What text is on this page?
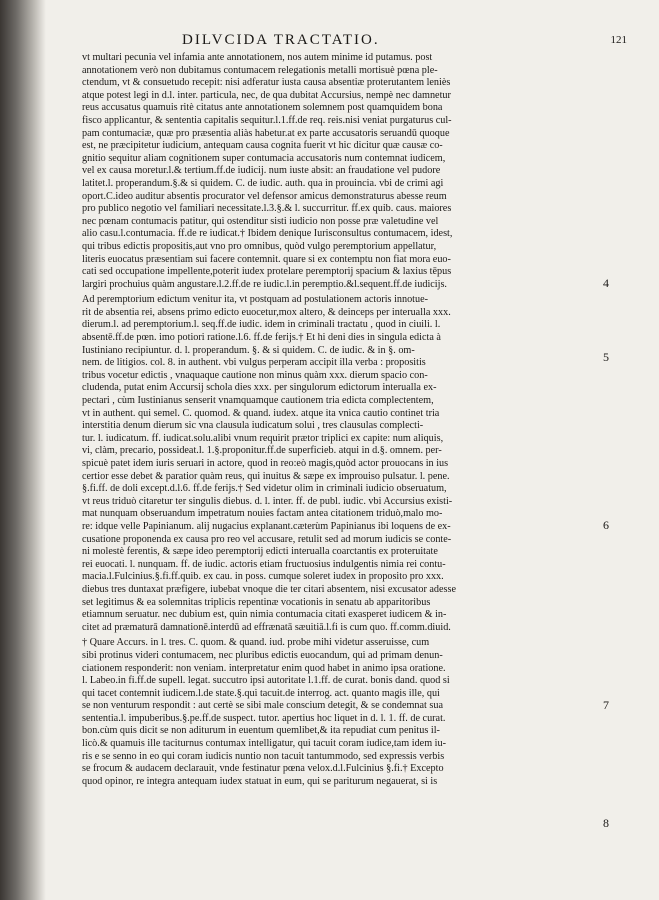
DILVCIDA TRACTATIO.	121

vt multari pecunia vel infamia ante annotationem, nos autem minime id putamus. post
annotationem verò non dubitamus contumacem relegationis metalli mortisuè pœna ple-
ctendum, vt & consuetudo recepit: nisi adferatur iusta causa absentiæ proterutantem leniès
atque potest legi in d.l. inter. particula, nec, de qua dubitat Accursius, nempè nec damnetur
reus accusatus quamuis ritè citatus ante annotationem solemnem post quamquidem bona
fisco applicantur, & sententia capitalis sequitur.l.1.ff.de req. reis.nisi veniat purgaturus cul-
pam contumaciæ, quæ pro præsentia aliàs habetur.at ex parte accusatoris seruandū quoque
est, ne præcipitetur iudicium, antequam causa cognita fuerit vt hic dicitur quæ causæ co-
gnitio sequitur aliam cognitionem super contumacia accusatoris num contemnat iudicem,
vel ex causa moretur.l.& tertium.ff.de iudicij. num iuste absit: an fraudatione vel pudore
latitet.l. properandum.§.& si quidem. C. de iudic. auth. qua in prouincia. vbi de crimi agi
oport.C.ideo auditur absentis procurator vel defensor amicus demonstraturus abesse reum
pro publico negotio vel familiari necessitate.l.3.§.& l. succurritur. ff.ex quib. caus. maiores
nec pœnam contumacis patitur, qui ostenditur sisti iudicio non posse præ valetudine vel
alio casu.l.contumacia. ff.de re iudicat.† Ibidem denique Iurisconsultus contumacem, idest,
qui tribus edictis propositis,aut vno pro omnibus, quòd vulgo peremptorium appellatur,
literis euocatus præsentiam sui facere contemnit. quare si ex contemptu non fiat mora euo-
cati sed occupatione impellente,poterit iudex protelare peremptorij spacium & laxius tēpus
largiri prochuius quàm angustare.l.2.ff.de re iudic.l.in peremptio.&l.sequent.ff.de iudicijs.

Ad peremptorium edictum venitur ita, vt postquam ad postulationem actoris innotue-
rit de absentia rei, absens primo edicto euocetur,mox altero, & deinceps per interualla xxx.
dierum.l. ad peremptorium.l. seq.ff.de iudic. idem in criminali tractatu , quod in ciuili. l.
absentē.ff.de pœn. imo potiori ratione.l.6. ff.de ferijs.† Et hi deni dies in singula edicta à
Iustiniano recipiuntur. d. l. properandum. §. & si quidem. C. de iudic. & in §. om-
nem. de litigios. col. 8. in authent. vbi vulgus perperam accipit illa verba : propositis
tribus vocetur edictis , vnaquaque cautione non minus quàm xxx. dierum spacio con-
cludenda, putat enim Accursij schola dies xxx. per singulorum edictorum interualla ex-
pectari , cùm Iustinianus senserit vnamquamque cautionem tria edicta complectentem,
vt in authent. qui semel. C. quomod. & quand. iudex. atque ita vnica cautio continet tria
interstitia denum dierum sic vna clausula iudicatum solui , tres clausulas complecti-
tur. l. iudicatum. ff. iudicat.solu.alibi vnum requirit prætor triplici ex capite: num aliquis,
vi, clàm, precario, possideat.l. 1.§.proponitur.ff.de superficieb. atqui in d.§. omnem. per-
spicuè patet idem iuris seruari in actore, quod in reo:eò magis,quòd actor prouocans in ius
certior esse debet & paratior quàm reus, qui inuitus & sæpe ex improuiso pulsatur. l. pene.
§.fi.ff. de doli except.d.l.6. ff.de ferijs.† Sed videtur olim in criminali iudicio obseruatum,
vt reus triduò citaretur ter singulis diebus. d. l. inter. ff. de publ. iudic. vbi Accursius existi-
mat nunquam obseruandum impetratum nouies factam antea citationem triduò,malo mo-
re: idque velle Papinianum. alij nugacius explanant.cæterùm Papinianus ibi loquens de ex-
cusatione proponenda ex causa pro reo vel accusare, retulit sed ad morum iudicis se conte-
ni molestè ferentis, & sæpe ideo peremptorij edicti interualla coarctantis ex proteruitate
rei euocati. l. nunquam. ff. de iudic. actoris etiam fructuosius indulgentis nimia rei contu-
macia.l.Fulcinius.§.fi.ff.quib. ex cau. in poss. cumque soleret iudex in proposito pro xxx.
diebus tres duntaxat præfigere, iubebat vnoque die ter citari absentem, nisi excusator adesse
set legitimus & ea solemnitas triplicis repentinæ vocationis in senatu ab apparitoribus
etiamnum seruatur. nec dubium est, quin nimia contumacia citati exasperet iudicem & in-
citet ad præmaturā damnationē.interdū ad effrænatā sæuitiā.l.fi is cum quo. ff.comm.diuid.

† Quare Accurs. in l. tres. C. quom. & quand. iud. probe mihi videtur asseruisse, cum
sibi protinus videri contumacem, nec pluribus edictis euocandum, qui ad primam denun-
ciationem responderit: non veniam. interpretatur enim quod habet in animo ipsa oratione.
l. Labeo.in fi.ff.de supell. legat. succutro ipsi autoritate l.1.ff. de curat. bonis dand. quod si
qui tacet contemnit iudicem.l.de state.§.qui tacuit.de interrog. act. quanto magis ille, qui
se non venturum respondit : aut certè se sibi male conscium detegit, & se condemnat sua
sententia.l. impuberibus.§.pe.ff.de suspect. tutor. apertius hoc liquet in d. l. 1. ff. de curat.
bon.cùm quis dicit se non aditurum in euentum quemlibet,& ita repudiat cum penitus il-
licò.& quamuis ille taciturnus contumax intelligatur, qui tacuit coram iudice,tam idem iu-
ris e se senno in eo qui coram iudicis nuntio non tacuit tantummodo, sed expressis verbis
se frocum & audacem declarauit, vnde festinatur pœna velox.d.l.Fulcinius §.fi.† Excepto
quod opinor, re integra antequam iudex statuat in eum, qui se pariturum negauerat, si is

4
5
6
7
8
